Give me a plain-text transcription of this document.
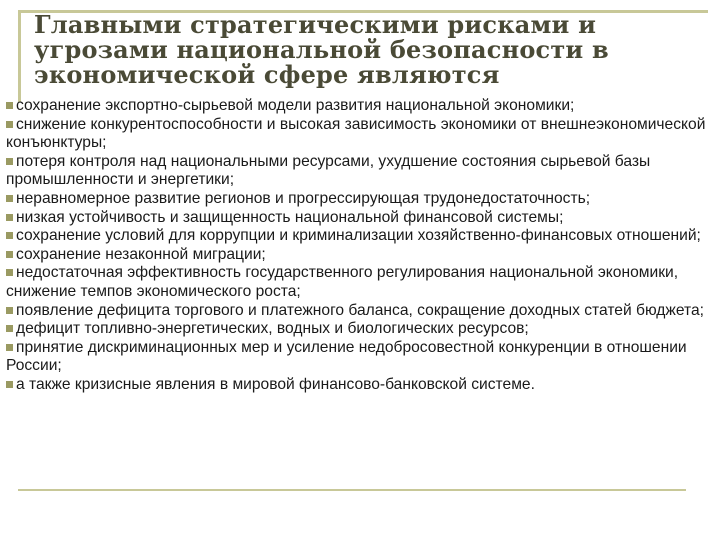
Главными стратегическими рисками и угрозами национальной безопасности в экономической сфере являются
сохранение экспортно-сырьевой модели развития национальной экономики;
снижение конкурентоспособности и высокая зависимость экономики от внешнеэкономической конъюнктуры;
потеря контроля над национальными ресурсами, ухудшение состояния сырьевой базы промышленности и энергетики;
неравномерное развитие регионов и прогрессирующая трудонедостаточность;
низкая устойчивость и защищенность национальной финансовой системы;
сохранение условий для коррупции и криминализации хозяйственно-финансовых отношений;
сохранение незаконной миграции;
недостаточная эффективность государственного регулирования национальной экономики, снижение темпов экономического роста;
появление дефицита торгового и платежного баланса, сокращение доходных статей бюджета;
дефицит топливно-энергетических, водных и биологических ресурсов;
принятие дискриминационных мер и усиление недобросовестной конкуренции в отношении России;
а также кризисные явления в мировой финансово-банковской системе.
